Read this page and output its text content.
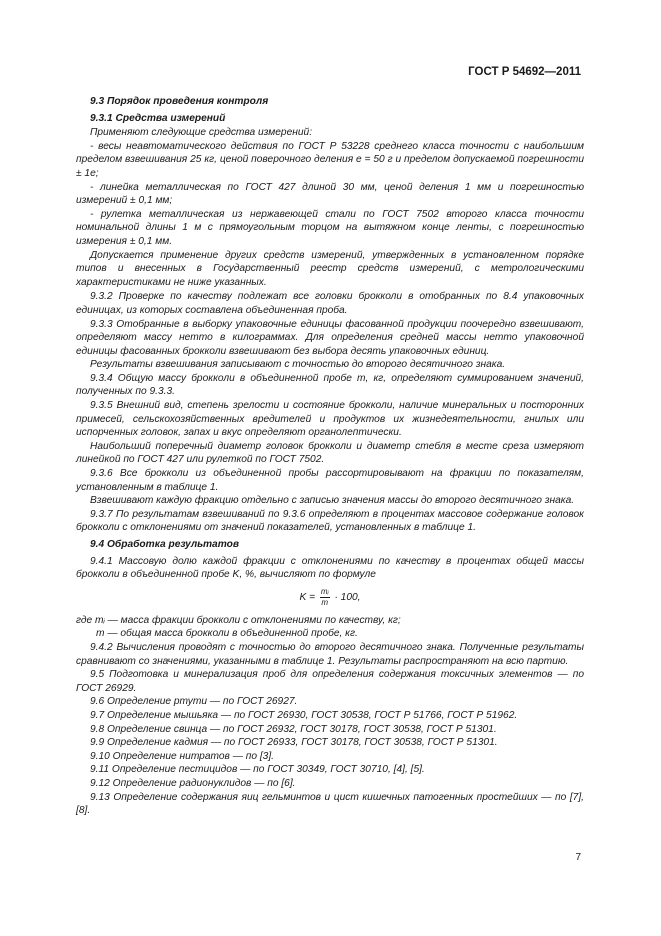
ГОСТ Р 54692—2011

9.3 Порядок проведения контроля

9.3.1 Средства измерений

Применяют следующие средства измерений:

- весы неавтоматического действия по ГОСТ Р 53228 среднего класса точности с наибольшим пределом взвешивания 25 кг, ценой поверочного деления е = 50 г и пределом допускаемой погрешности ± 1е;

- линейка металлическая по ГОСТ 427 длиной 30 мм, ценой деления 1 мм и погрешностью измерений ± 0,1 мм;

- рулетка металлическая из нержавеющей стали по ГОСТ 7502 второго класса точности номинальной длины 1 м с прямоугольным торцом на вытяжном конце ленты, с погрешностью измерения ± 0,1 мм.

Допускается применение других средств измерений, утвержденных в установленном порядке типов и внесенных в Государственный реестр средств измерений, с метрологическими характеристиками не ниже указанных.

9.3.2 Проверке по качеству подлежат все головки брокколи в отобранных по 8.4 упаковочных единицах, из которых составлена объединенная проба.

9.3.3 Отобранные в выборку упаковочные единицы фасованной продукции поочередно взвешивают, определяют массу нетто в килограммах. Для определения средней массы нетто упаковочной единицы фасованных брокколи взвешивают без выбора десять упаковочных единиц.

Результаты взвешивания записывают с точностью до второго десятичного знака.

9.3.4 Общую массу брокколи в объединенной пробе m, кг, определяют суммированием значений, полученных по 9.3.3.

9.3.5 Внешний вид, степень зрелости и состояние брокколи, наличие минеральных и посторонних примесей, сельскохозяйственных вредителей и продуктов их жизнедеятельности, гнилых или испорченных головок, запах и вкус определяют органолептически.

Наибольший поперечный диаметр головок брокколи и диаметр стебля в месте среза измеряют линейкой по ГОСТ 427 или рулеткой по ГОСТ 7502.

9.3.6 Все брокколи из объединенной пробы рассортировывают на фракции по показателям, установленным в таблице 1.

Взвешивают каждую фракцию отдельно с записью значения массы до второго десятичного знака.

9.3.7 По результатам взвешиваний по 9.3.6 определяют в процентах массовое содержание головок брокколи с отклонениями от значений показателей, установленных в таблице 1.

9.4 Обработка результатов

9.4.1 Массовую долю каждой фракции с отклонениями по качеству в процентах общей массы брокколи в объединенной пробе K, %, вычисляют по формуле

$K = \frac{\text{mᵢ}}{m} \cdot 100$,

где mᵢ — масса фракции брокколи с отклонениями по качеству, кг;

m — общая масса брокколи в объединенной пробе, кг.

9.4.2 Вычисления проводят с точностью до второго десятичного знака. Полученные результаты сравнивают со значениями, указанными в таблице 1. Результаты распространяют на всю партию.

9.5 Подготовка и минерализация проб для определения содержания токсичных элементов — по ГОСТ 26929.

9.6 Определение ртути — по ГОСТ 26927.

9.7 Определение мышьяка — по ГОСТ 26930, ГОСТ 30538, ГОСТ Р 51766, ГОСТ Р 51962.

9.8 Определение свинца — по ГОСТ 26932, ГОСТ 30178, ГОСТ 30538, ГОСТ Р 51301.

9.9 Определение кадмия — по ГОСТ 26933, ГОСТ 30178, ГОСТ 30538, ГОСТ Р 51301.

9.10 Определение нитратов — по [3].

9.11 Определение пестицидов — по ГОСТ 30349, ГОСТ 30710, [4], [5].

9.12 Определение радионуклидов — по [6].

9.13 Определение содержания яиц гельминтов и цист кишечных патогенных простейших — по [7], [8].

7
